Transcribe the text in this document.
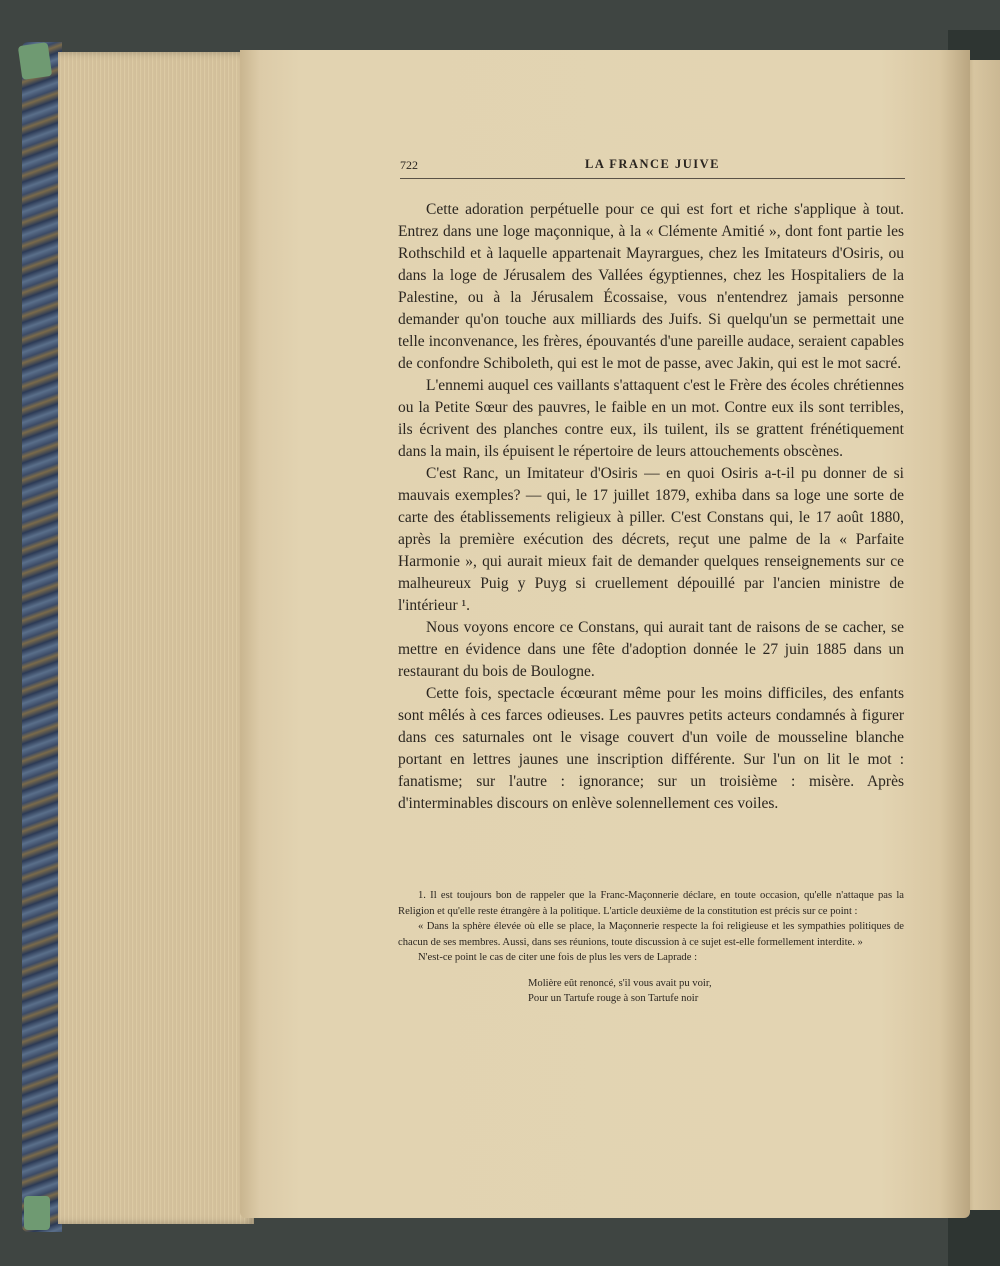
722	LA FRANCE JUIVE

Cette adoration perpétuelle pour ce qui est fort et riche s'applique à tout. Entrez dans une loge maçonnique, à la « Clémente Amitié », dont font partie les Rothschild et à laquelle appartenait Mayrargues, chez les Imitateurs d'Osiris, ou dans la loge de Jérusalem des Vallées égyptiennes, chez les Hospitaliers de la Palestine, ou à la Jérusalem Écossaise, vous n'entendrez jamais personne demander qu'on touche aux milliards des Juifs. Si quelqu'un se permettait une telle inconvenance, les frères, épouvantés d'une pareille audace, seraient capables de confondre Schiboleth, qui est le mot de passe, avec Jakin, qui est le mot sacré.

L'ennemi auquel ces vaillants s'attaquent c'est le Frère des écoles chrétiennes ou la Petite Sœur des pauvres, le faible en un mot. Contre eux ils sont terribles, ils écrivent des planches contre eux, ils tuilent, ils se grattent frénétiquement dans la main, ils épuisent le répertoire de leurs attouchements obscènes.

C'est Ranc, un Imitateur d'Osiris — en quoi Osiris a-t-il pu donner de si mauvais exemples? — qui, le 17 juillet 1879, exhiba dans sa loge une sorte de carte des établissements religieux à piller. C'est Constans qui, le 17 août 1880, après la première exécution des décrets, reçut une palme de la « Parfaite Harmonie », qui aurait mieux fait de demander quelques renseignements sur ce malheureux Puig y Puyg si cruellement dépouillé par l'ancien ministre de l'intérieur ¹.

Nous voyons encore ce Constans, qui aurait tant de raisons de se cacher, se mettre en évidence dans une fête d'adoption donnée le 27 juin 1885 dans un restaurant du bois de Boulogne.

Cette fois, spectacle écœurant même pour les moins difficiles, des enfants sont mêlés à ces farces odieuses. Les pauvres petits acteurs condamnés à figurer dans ces saturnales ont le visage couvert d'un voile de mousseline blanche portant en lettres jaunes une inscription différente. Sur l'un on lit le mot : fanatisme; sur l'autre : ignorance; sur un troisième : misère. Après d'interminables discours on enlève solennellement ces voiles.

1. Il est toujours bon de rappeler que la Franc-Maçonnerie déclare, en toute occasion, qu'elle n'attaque pas la Religion et qu'elle reste étrangère à la politique. L'article deuxième de la constitution est précis sur ce point :

« Dans la sphère élevée où elle se place, la Maçonnerie respecte la foi religieuse et les sympathies politiques de chacun de ses membres. Aussi, dans ses réunions, toute discussion à ce sujet est-elle formellement interdite. »

N'est-ce point le cas de citer une fois de plus les vers de Laprade :

Molière eût renoncé, s'il vous avait pu voir,
Pour un Tartufe rouge à son Tartufe noir
